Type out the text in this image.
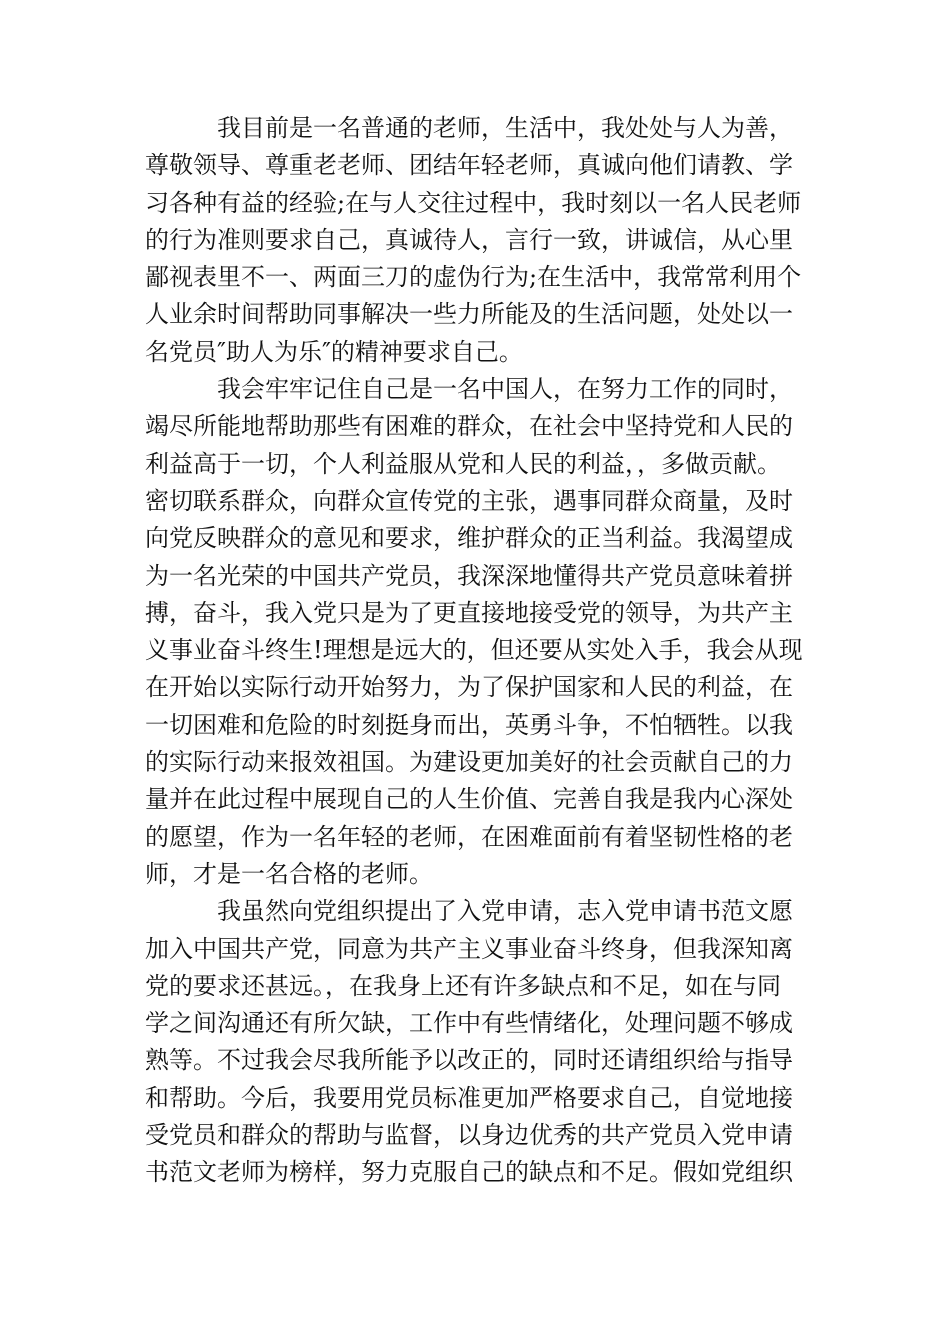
我目前是一名普通的老师，生活中，我处处与人为善，
尊敬领导、尊重老老师、团结年轻老师，真诚向他们请教、学
习各种有益的经验;在与人交往过程中，我时刻以一名人民老师
的行为准则要求自己，真诚待人，言行一致，讲诚信，从心里
鄙视表里不一、两面三刀的虚伪行为;在生活中，我常常利用个
人业余时间帮助同事解决一些力所能及的生活问题，处处以一
名党员″助人为乐″的精神要求自己。
我会牢牢记住自己是一名中国人，在努力工作的同时，
竭尽所能地帮助那些有困难的群众，在社会中坚持党和人民的
利益高于一切，个人利益服从党和人民的利益，，多做贡献。
密切联系群众，向群众宣传党的主张，遇事同群众商量，及时
向党反映群众的意见和要求，维护群众的正当利益。我渴望成
为一名光荣的中国共产党员，我深深地懂得共产党员意味着拼
搏，奋斗，我入党只是为了更直接地接受党的领导，为共产主
义事业奋斗终生!理想是远大的，但还要从实处入手，我会从现
在开始以实际行动开始努力，为了保护国家和人民的利益，在
一切困难和危险的时刻挺身而出，英勇斗争，不怕牺牲。以我
的实际行动来报效祖国。为建设更加美好的社会贡献自己的力
量并在此过程中展现自己的人生价值、完善自我是我内心深处
的愿望，作为一名年轻的老师，在困难面前有着坚韧性格的老
师，才是一名合格的老师。
我虽然向党组织提出了入党申请，志入党申请书范文愿
加入中国共产党，同意为共产主义事业奋斗终身，但我深知离
党的要求还甚远。，在我身上还有许多缺点和不足，如在与同
学之间沟通还有所欠缺，工作中有些情绪化，处理问题不够成
熟等。不过我会尽我所能予以改正的，同时还请组织给与指导
和帮助。今后，我要用党员标准更加严格要求自己，自觉地接
受党员和群众的帮助与监督，以身边优秀的共产党员入党申请
书范文老师为榜样，努力克服自己的缺点和不足。假如党组织
